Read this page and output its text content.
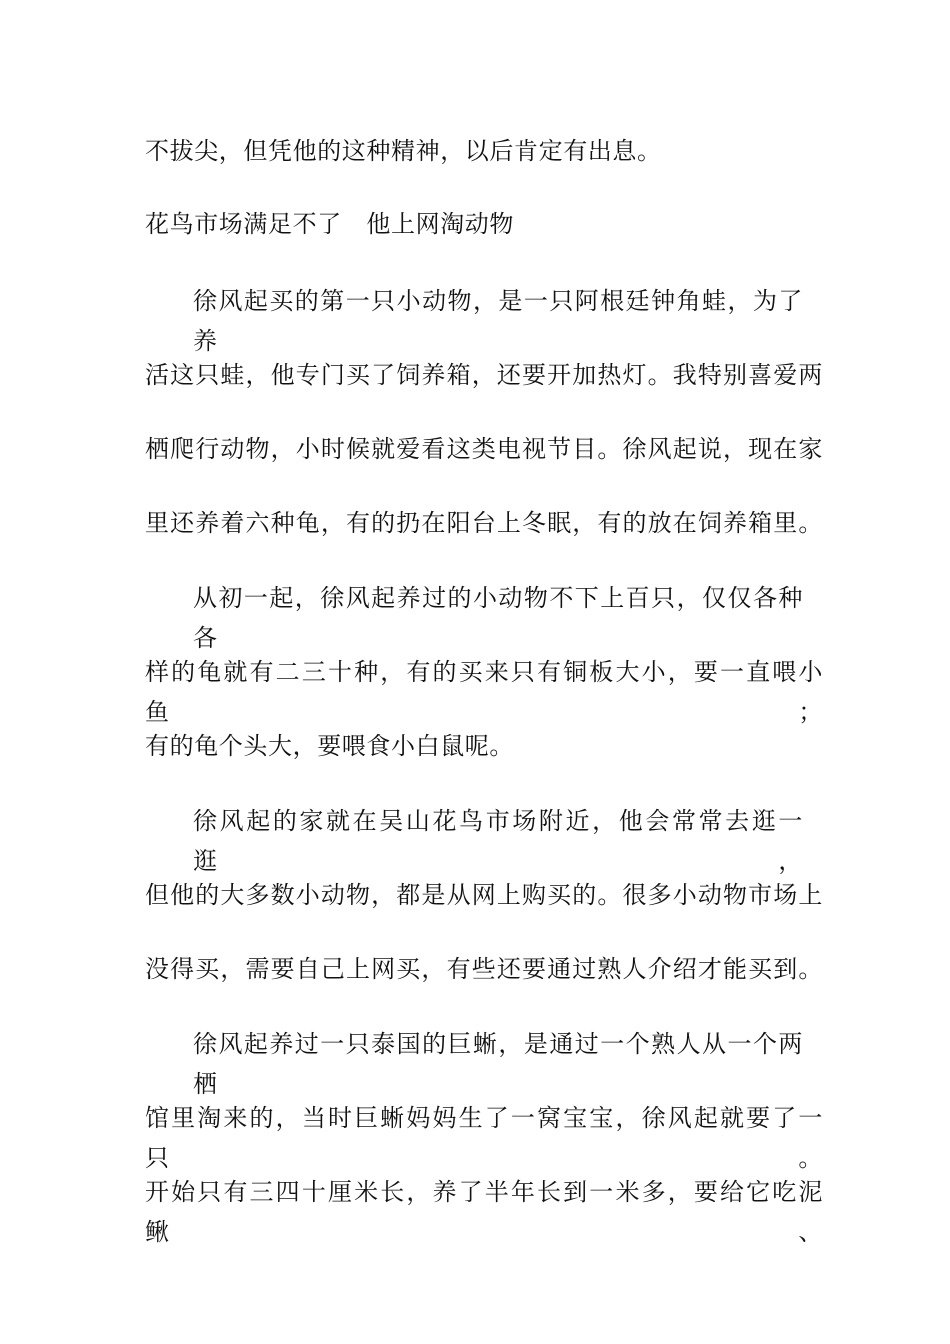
不拔尖，但凭他的这种精神，以后肯定有出息。
花鸟市场满足不了　他上网淘动物
徐风起买的第一只小动物，是一只阿根廷钟角蛙，为了养
活这只蛙，他专门买了饲养箱，还要开加热灯。我特别喜爱两
栖爬行动物，小时候就爱看这类电视节目。徐风起说，现在家
里还养着六种龟，有的扔在阳台上冬眠，有的放在饲养箱里。
从初一起，徐风起养过的小动物不下上百只，仅仅各种各
样的龟就有二三十种，有的买来只有铜板大小，要一直喂小鱼；
有的龟个头大，要喂食小白鼠呢。
徐风起的家就在吴山花鸟市场附近，他会常常去逛一逛，
但他的大多数小动物，都是从网上购买的。很多小动物市场上
没得买，需要自己上网买，有些还要通过熟人介绍才能买到。
徐风起养过一只泰国的巨蜥，是通过一个熟人从一个两栖
馆里淘来的，当时巨蜥妈妈生了一窝宝宝，徐风起就要了一只。
开始只有三四十厘米长，养了半年长到一米多，要给它吃泥鳅、
